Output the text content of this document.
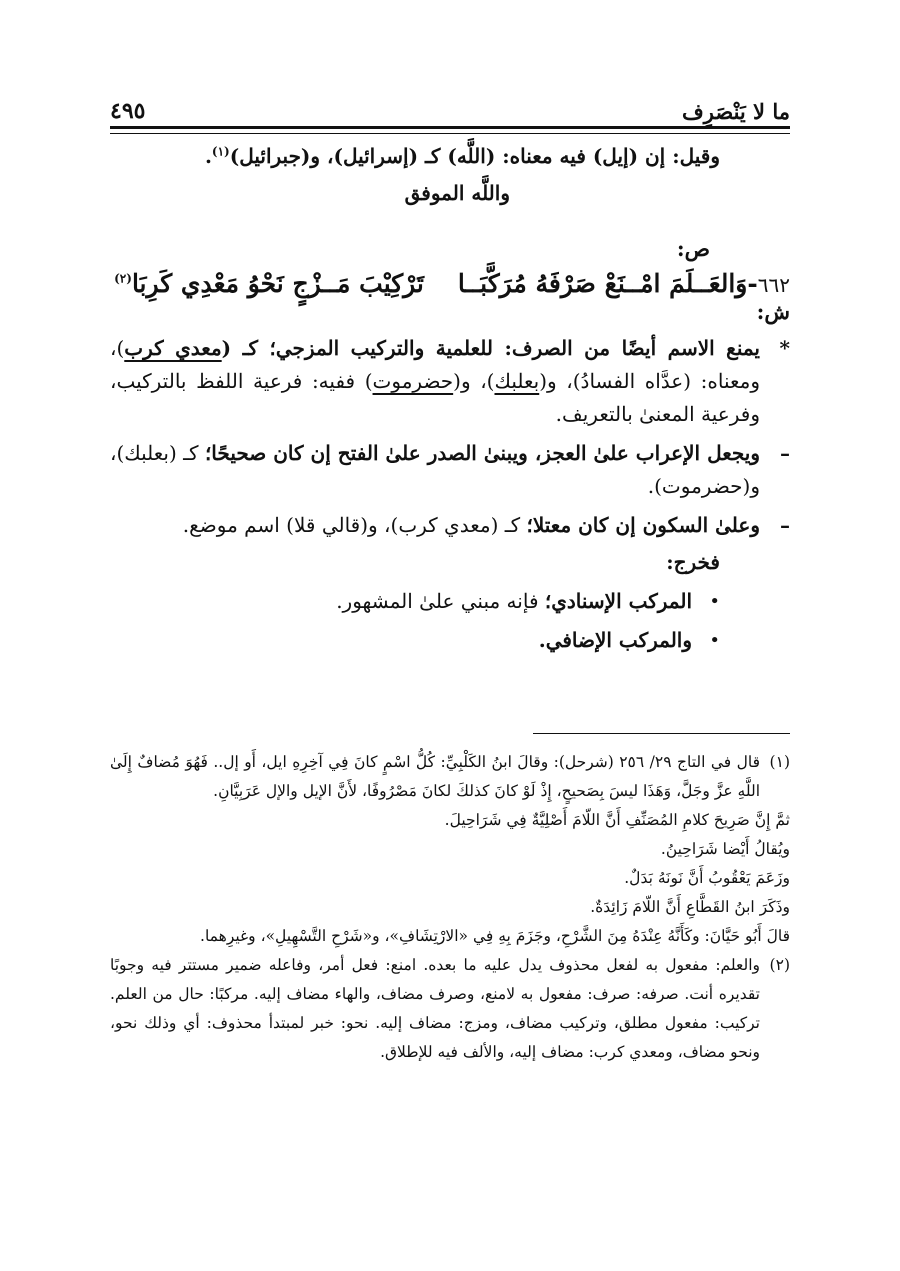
ما لا يَنْصَرِف
٤٩٥
وقيل: إن (إيل) فيه معناه: (اللَّه) كـ (إسرائيل)، و(جبرائيل)$^{(١)}$.
واللَّه الموفق
ص:
٦٦٢
-وَالعَــلَمَ امْــنَعْ صَرْفَهُ مُرَكَّبَــا
تَرْكِيْبَ مَــزْجٍ نَحْوُ مَعْدِي كَرِبَا$^{(٢)}$
ش:
*
يمنع الاسم أيضًا من الصرف: للعلمية والتركيب المزجي؛ كـ (معدي كرب)، ومعناه: (عدَّاه الفسادُ)، و(بعلبك)، و(حضرموت) ففيه: فرعية اللفظ بالتركيب، وفرعية المعنىٰ بالتعريف.
–
ويجعل الإعراب علىٰ العجز، ويبنىٰ الصدر علىٰ الفتح إن كان صحيحًا؛ كـ (بعلبك)، و(حضرموت).
–
وعلىٰ السكون إن كان معتلا؛ كـ (معدي كرب)، و(قالي قلا) اسم موضع.
فخرج:
•
المركب الإسنادي؛ فإنه مبني علىٰ المشهور.
•
والمركب الإضافي.
(١)
قال في التاج ٢٩/ ٢٥٦ (شرحل): وقالَ ابنُ الكَلْبِيِّ: كُلُّ اسْمٍ كانَ فِي آخِرِهِ ايل، أَو إل.. فَهُوَ مُضافٌ إِلَىٰ اللَّهِ عزَّ وجَلَّ، وَهَذَا ليسَ بِصَحيحٍ، إِذْ لَوْ كانَ كذلكَ لكانَ مَصْرُوفًا، لأَنَّ الإيل والإل عَرَبِيَّانِ.
ثمَّ إِنَّ صَرِيحَ كلامِ المُصَنِّفِ أَنَّ اللّامَ أَصْلِيَّةٌ فِي شَرَاحِيلَ.
ويُقالُ أَيْضا شَرَاحِينُ.
وزَعَمَ يَعْقُوبُ أَنَّ نَونَهُ بَدَلٌ.
وذَكَرَ ابنُ القَطَّاعِ أَنَّ اللّامَ زَائِدَةٌ.
قالَ أَبُو حَيَّانَ: وكَأَنَّهُ عِنْدَهُ مِنَ الشَّرْحِ، وجَزَمَ بِهِ فِي «الارْتِشَافِ»، و«شَرْحِ التَّسْهِيلِ»، وغيرِهما.
(٢)
والعلم: مفعول به لفعل محذوف يدل عليه ما بعده. امنع: فعل أمر، وفاعله ضمير مستتر فيه وجوبًا تقديره أنت. صرفه: صرف: مفعول به لامنع، وصرف مضاف، والهاء مضاف إليه. مركبًا: حال من العلم. تركيب: مفعول مطلق، وتركيب مضاف، ومزج: مضاف إليه. نحو: خبر لمبتدأ محذوف: أي وذلك نحو، ونحو مضاف، ومعدي كرب: مضاف إليه، والألف فيه للإطلاق.
